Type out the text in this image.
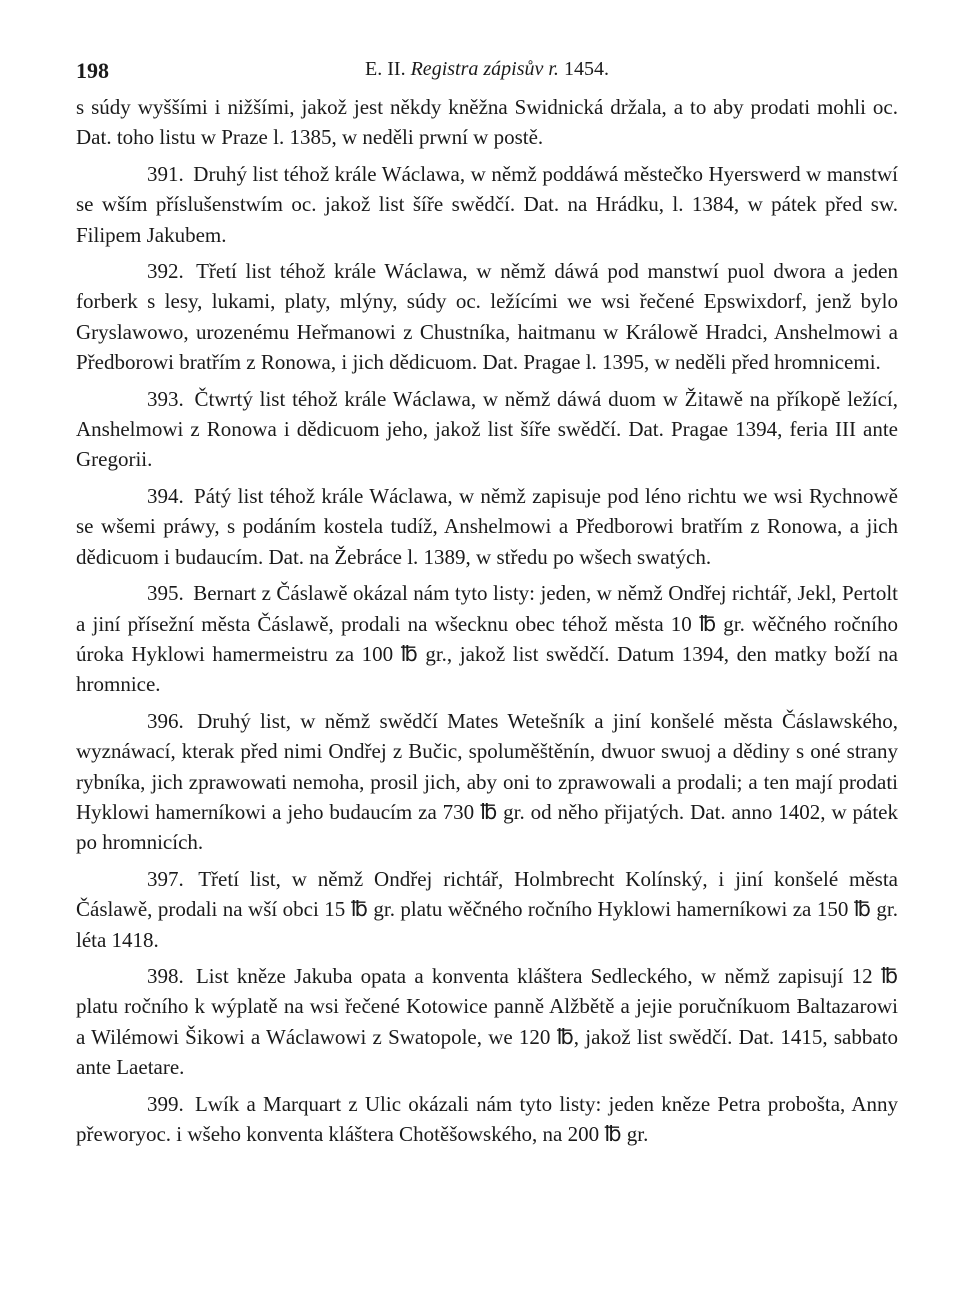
198	E. II. Registra zápisův r. 1454.

s súdy wyššími i nižšími, jakož jest někdy kněžna Swidnická držala, a to aby prodati mohli oc. Dat. toho listu w Praze l. 1385, w neděli prwní w postě.

391. Druhý list téhož krále Wáclawa, w němž poddáwá městečko Hyerswerd w manstwí se wším příslušenstwím oc. jakož list šíře swědčí. Dat. na Hrádku, l. 1384, w pátek před sw. Filipem Jakubem.

392. Třetí list téhož krále Wáclawa, w němž dáwá pod manstwí puol dwora a jeden forberk s lesy, lukami, platy, mlýny, súdy oc. ležícími we wsi řečené Epswixdorf, jenž bylo Gryslawowo, urozenému Heřmanowi z Chustníka, haitmanu w Králowě Hradci, Anshelmowi a Předborowi bratřím z Ronowa, i jich dědicuom. Dat. Pragae l. 1395, w neděli před hromnicemi.

393. Čtwrtý list téhož krále Wáclawa, w němž dáwá duom w Žitawě na příkopě ležící, Anshelmowi z Ronowa i dědicuom jeho, jakož list šíře swědčí. Dat. Pragae 1394, feria III ante Gregorii.

394. Pátý list téhož krále Wáclawa, w němž zapisuje pod léno richtu we wsi Rychnowě se wšemi práwy, s podáním kostela tudíž, Anshelmowi a Předborowi bratřím z Ronowa, a jich dědicuom i budaucím. Dat. na Žebráce l. 1389, w středu po wšech swatých.

395. Bernart z Čáslawě okázal nám tyto listy: jeden, w němž Ondřej richtář, Jekl, Pertolt a jiní přísežní města Čáslawě, prodali na wšecknu obec téhož města 10 ℔ gr. wěčného ročního úroka Hyklowi hamermeistru za 100 ℔ gr., jakož list swědčí. Datum 1394, den matky boží na hromnice.

396. Druhý list, w němž swědčí Mates Wetešník a jiní konšelé města Čáslawského, wyznáwací, kterak před nimi Ondřej z Bučic, spoluměštěnín, dwuor swuoj a dědiny s oné strany rybníka, jich zprawowati nemoha, prosil jich, aby oni to zprawowali a prodali; a ten mají prodati Hyklowi hamerníkowi a jeho budaucím za 730 ℔ gr. od něho přijatých. Dat. anno 1402, w pátek po hromnicích.

397. Třetí list, w němž Ondřej richtář, Holmbrecht Kolínský, i jiní konšelé města Čáslawě, prodali na wší obci 15 ℔ gr. platu wěčného ročního Hyklowi hamerníkowi za 150 ℔ gr. léta 1418.

398. List kněze Jakuba opata a konventa kláštera Sedleckého, w němž zapisují 12 ℔ platu ročního k wýplatě na wsi řečené Kotowice panně Alžbětě a jejie poručníkuom Baltazarowi a Wilémowi Šikowi a Wáclawowi z Swatopole, we 120 ℔, jakož list swědčí. Dat. 1415, sabbato ante Laetare.

399. Lwík a Marquart z Ulic okázali nám tyto listy: jeden kněze Petra probošta, Anny přeworyoc. i wšeho konventa kláštera Chotěšowského, na 200 ℔ gr.
